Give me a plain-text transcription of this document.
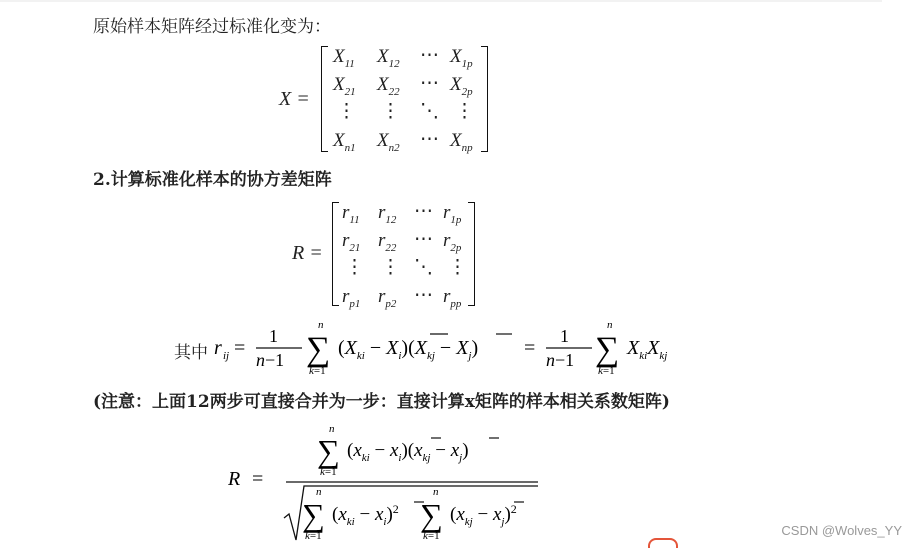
原始样本矩阵经过标准化变为：
X =
$X_{11}$ $X_{12}$ ⋯ $X_{1p}$
$X_{21}$ $X_{22}$ ⋯ $X_{2p}$
⋮ ⋮ ⋱ ⋮
$X_{n1}$ $X_{n2}$ ⋯ $X_{np}$
2.计算标准化样本的协方差矩阵
R =
$r_{11}$ $r_{12}$ ⋯ $r_{1p}$
$r_{21}$ $r_{22}$ ⋯ $r_{2p}$
⋮ ⋮ ⋱ ⋮
$r_{p1}$ $r_{p2}$ ⋯ $r_{pp}$
其中 r ij =
1
n−1
n
∑
k=1
$(X_{ki} - X_i)(X_{kj} - X_j)$ =
1
n−1
n
∑
k=1
$X_{ki}X_{kj}$
(注意：上面12两步可直接合并为一步：直接计算x矩阵的样本相关系数矩阵)
R =
n
∑
k=1
$(x_{ki} - x_i)(x_{kj} - x_j)$
n
∑
k=1
$(x_{ki} - x_i)^2$
n
∑
k=1
$(x_{kj} - x_j)^2$
CSDN @Wolves_YY
